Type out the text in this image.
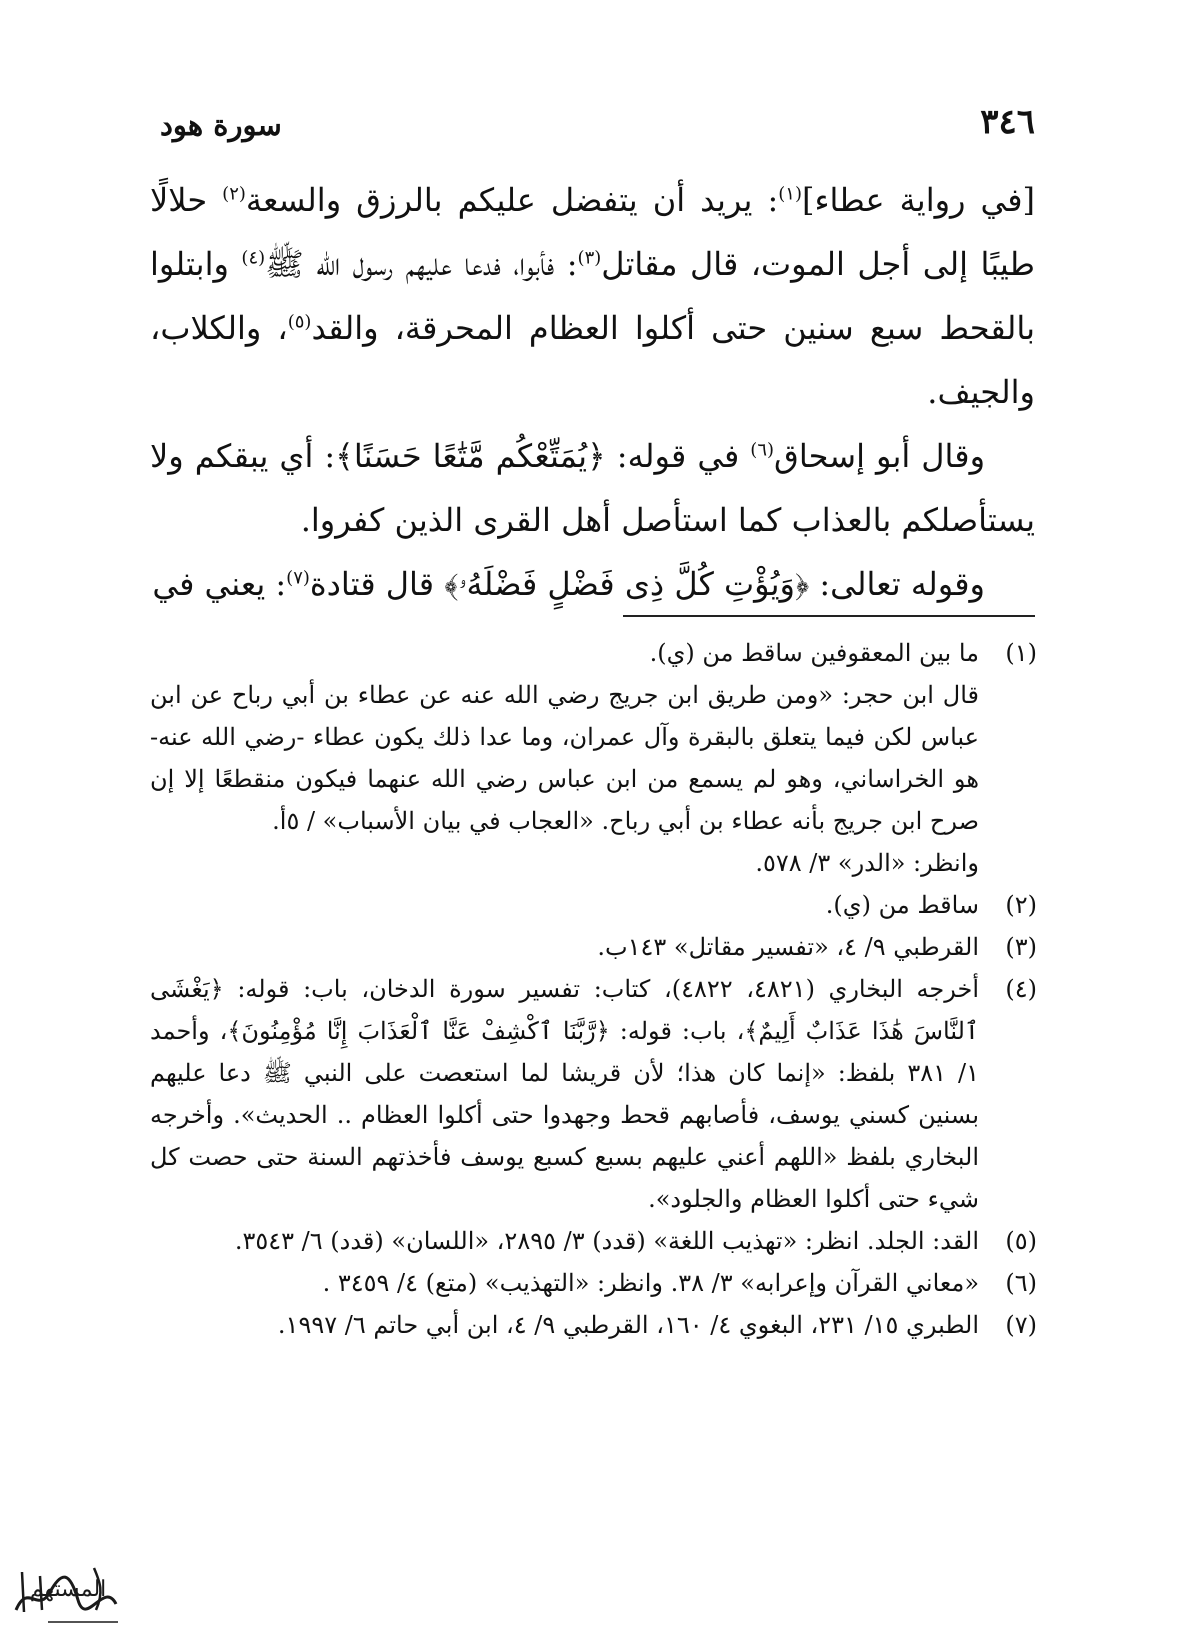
٣٤٦
سورة هود

[في رواية عطاء]$^{(١)}$: يريد أن يتفضل عليكم بالرزق والسعة$^{(٢)}$ حلالًا طيبًا إلى أجل الموت، قال مقاتل$^{(٣)}$: فأبوا، فدعا عليهم رسول الله ﷺ$^{(٤)}$ وابتلوا بالقحط سبع سنين حتى أكلوا العظام المحرقة، والقد$^{(٥)}$، والكلاب، والجيف.

وقال أبو إسحاق$^{(٦)}$ في قوله: ﴿يُمَتِّعْكُم مَّتَٰعًا حَسَنًا﴾: أي يبقكم ولا يستأصلكم بالعذاب كما استأصل أهل القرى الذين كفروا.

وقوله تعالى: ﴿وَيُؤْتِ كُلَّ ذِى فَضْلٍ فَضْلَهُۥ﴾ قال قتادة$^{(٧)}$: يعني في

(١)

ما بين المعقوفين ساقط من (ي).

قال ابن حجر: «ومن طريق ابن جريج رضي الله عنه عن عطاء بن أبي رباح عن ابن عباس لكن فيما يتعلق بالبقرة وآل عمران، وما عدا ذلك يكون عطاء -رضي الله عنه- هو الخراساني، وهو لم يسمع من ابن عباس رضي الله عنهما فيكون منقطعًا إلا إن صرح ابن جريج بأنه عطاء بن أبي رباح. «العجاب في بيان الأسباب» / ٥أ.

وانظر: «الدر» ٣/ ٥٧٨.

(٢)

ساقط من (ي).

(٣)

القرطبي ٩/ ٤، «تفسير مقاتل» ١٤٣ب.

(٤)

أخرجه البخاري (٤٨٢١، ٤٨٢٢)، كتاب: تفسير سورة الدخان، باب: قوله: ﴿يَغْشَى ٱلنَّاسَ هَٰذَا عَذَابٌ أَلِيمٌ﴾، باب: قوله: ﴿رَّبَّنَا ٱكْشِفْ عَنَّا ٱلْعَذَابَ إِنَّا مُؤْمِنُونَ﴾، وأحمد ١/ ٣٨١ بلفظ: «إنما كان هذا؛ لأن قريشا لما استعصت على النبي ﷺ دعا عليهم بسنين كسني يوسف، فأصابهم قحط وجهدوا حتى أكلوا العظام .. الحديث». وأخرجه البخاري بلفظ «اللهم أعني عليهم بسبع كسبع يوسف فأخذتهم السنة حتى حصت كل شيء حتى أكلوا العظام والجلود».

(٥)

القد: الجلد. انظر: «تهذيب اللغة» (قدد) ٣/ ٢٨٩٥، «اللسان» (قدد) ٦/ ٣٥٤٣.

(٦)

«معاني القرآن وإعرابه» ٣/ ٣٨. وانظر: «التهذيب» (متع) ٤/ ٣٤٥٩ .

(٧)

الطبري ١٥/ ٢٣١، البغوي ٤/ ١٦٠، القرطبي ٩/ ٤، ابن أبي حاتم ٦/ ١٩٩٧.

المستهم
